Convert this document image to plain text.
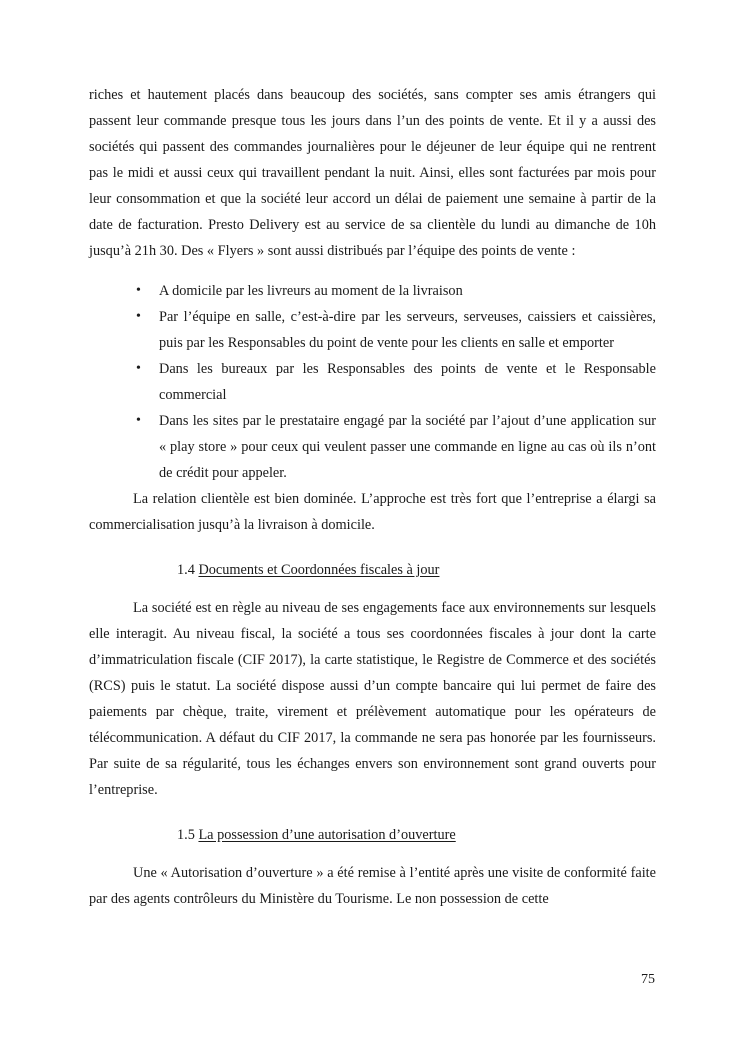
riches et hautement placés dans beaucoup des sociétés, sans compter ses amis étrangers qui passent leur commande presque tous les jours dans l’un des points de vente. Et il y a aussi des sociétés qui passent des commandes journalières pour le déjeuner de leur équipe qui ne rentrent pas le midi et aussi ceux qui travaillent pendant la nuit. Ainsi, elles sont facturées par mois pour leur consommation et que la société leur accord un délai de paiement une semaine à partir de la date de facturation. Presto Delivery est au service de sa clientèle du lundi au dimanche de 10h jusqu’à 21h 30. Des « Flyers » sont aussi distribués par l’équipe des points de vente :

• A domicile par les livreurs au moment de la livraison
• Par l’équipe en salle, c’est-à-dire par les serveurs, serveuses, caissiers et caissières, puis par les Responsables du point de vente pour les clients en salle et emporter
• Dans les bureaux par les Responsables des points de vente et le Responsable commercial
• Dans les sites par le prestataire engagé par la société par l’ajout d’une application sur « play store » pour ceux qui veulent passer une commande en ligne au cas où ils n’ont de crédit pour appeler.

La relation clientèle est bien dominée. L’approche est très fort que l’entreprise a élargi sa commercialisation jusqu’à la livraison à domicile.

1.4 Documents et Coordonnées fiscales à jour

La société est en règle au niveau de ses engagements face aux environnements sur lesquels elle interagit. Au niveau fiscal, la société a tous ses coordonnées fiscales à jour dont la carte d’immatriculation fiscale (CIF 2017), la carte statistique, le Registre de Commerce et des sociétés (RCS) puis le statut. La société dispose aussi d’un compte bancaire qui lui permet de faire des paiements par chèque, traite, virement et prélèvement automatique pour les opérateurs de télécommunication. A défaut du CIF 2017, la commande ne sera pas honorée par les fournisseurs. Par suite de sa régularité, tous les échanges envers son environnement sont grand ouverts pour l’entreprise.

1.5 La possession d’une autorisation d’ouverture

Une « Autorisation d’ouverture » a été remise à l’entité après une visite de conformité faite par des agents contrôleurs du Ministère du Tourisme. Le non possession de cette

75
